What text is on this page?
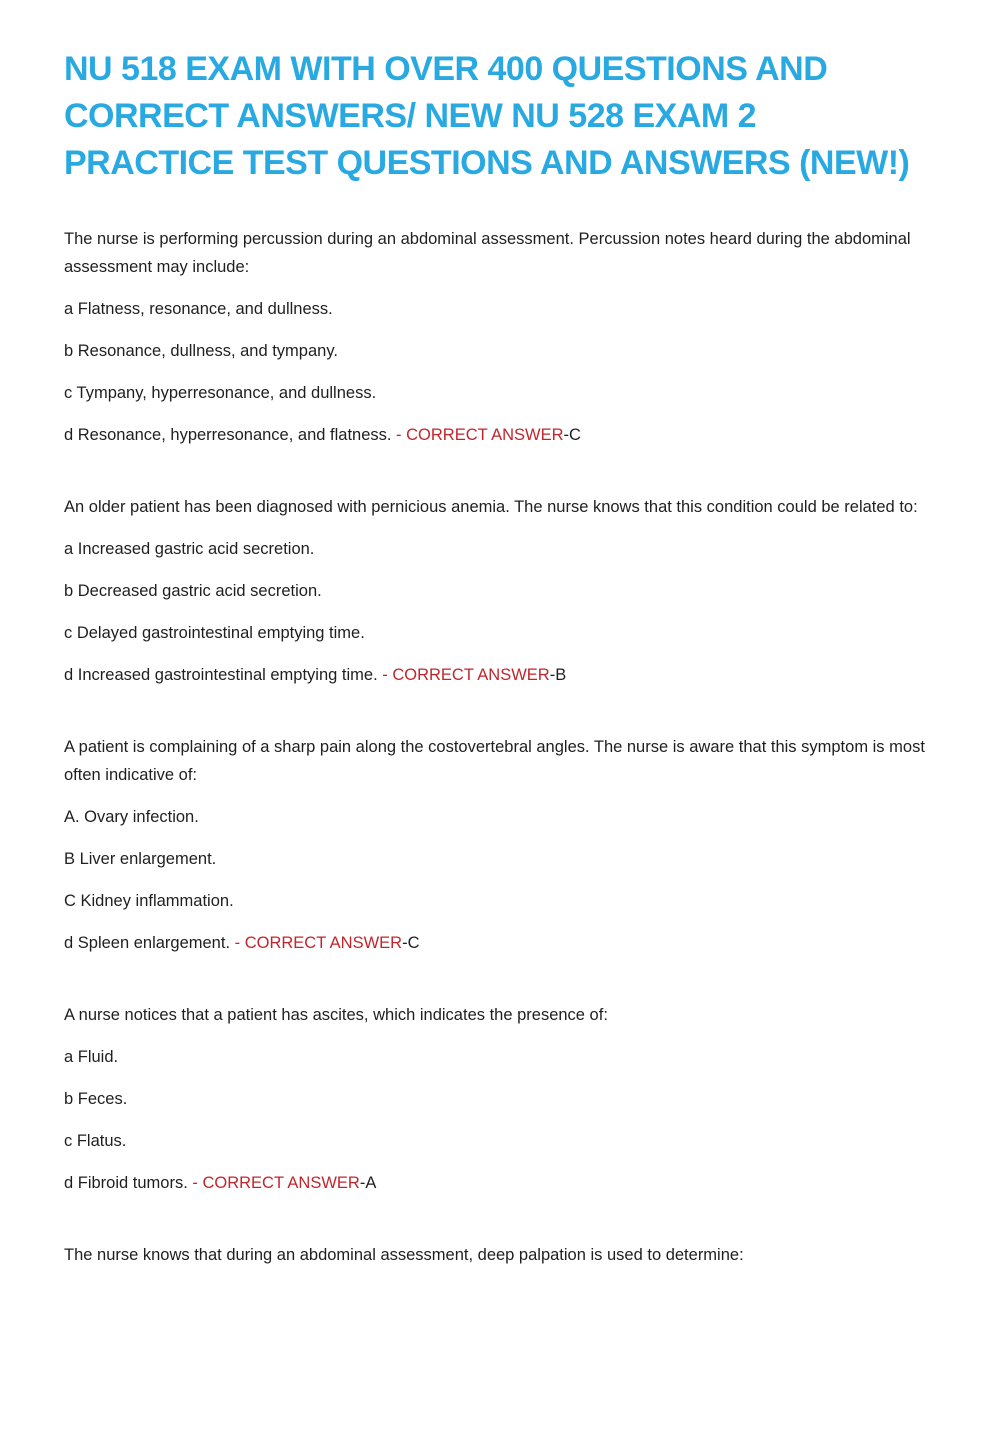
NU 518 EXAM WITH OVER 400 QUESTIONS AND
CORRECT ANSWERS/ NEW NU 528 EXAM 2
PRACTICE TEST QUESTIONS AND ANSWERS (NEW!)

The nurse is performing percussion during an abdominal assessment. Percussion notes heard during the abdominal assessment may include:

a Flatness, resonance, and dullness.

b Resonance, dullness, and tympany.

c Tympany, hyperresonance, and dullness.

d Resonance, hyperresonance, and flatness. - CORRECT ANSWER-C

An older patient has been diagnosed with pernicious anemia. The nurse knows that this condition could be related to:

a Increased gastric acid secretion.

b Decreased gastric acid secretion.

c Delayed gastrointestinal emptying time.

d Increased gastrointestinal emptying time. - CORRECT ANSWER-B

A patient is complaining of a sharp pain along the costovertebral angles. The nurse is aware that this symptom is most often indicative of:

A. Ovary infection.

B Liver enlargement.

C Kidney inflammation.

d Spleen enlargement. - CORRECT ANSWER-C

A nurse notices that a patient has ascites, which indicates the presence of:

a Fluid.

b Feces.

c Flatus.

d Fibroid tumors. - CORRECT ANSWER-A

The nurse knows that during an abdominal assessment, deep palpation is used to determine:
